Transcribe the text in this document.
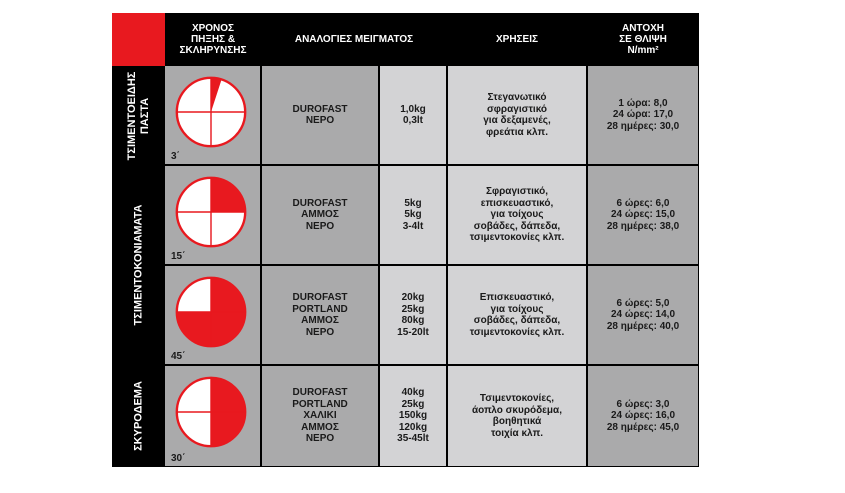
ΧΡΟΝΟΣ
ΠΗΞΗΣ &
ΣΚΛΗΡΥΝΣΗΣ
ΑΝΑΛΟΓΙΕΣ ΜΕΙΓΜΑΤΟΣ	ΧΡΗΣΕΙΣ
ΑΝΤΟΧΗ
ΣΕ ΘΛΙΨΗ
N/mm²
ΤΣΙΜΕΝΤΟΕΙΔΗΣ
ΠΑΣΤΑ
ΤΣΙΜΕΝΤΟΚΟΝΙΑΜΑΤΑ
ΣΚΥΡΟΔΕΜΑ
3΄
DUROFAST
ΝΕΡΟ
1,0kg
0,3lt
Στεγανωτικό
σφραγιστικό
για δεξαμενές,
φρεάτια κλπ.
1 ώρα: 8,0
24 ώρα: 17,0
28 ημέρες: 30,0
15΄
DUROFAST
ΑΜΜΟΣ
ΝΕΡΟ
5kg
5kg
3-4lt
Σφραγιστικό,
επισκευαστικό,
για τοίχους
σοβάδες, δάπεδα,
τσιμεντοκονίες κλπ.
6 ώρες: 6,0
24 ώρες: 15,0
28 ημέρες: 38,0
45΄
DUROFAST
PORTLAND
ΑΜΜΟΣ
ΝΕΡΟ
20kg
25kg
80kg
15-20lt
Επισκευαστικό,
για τοίχους
σοβάδες, δάπεδα,
τσιμεντοκονίες κλπ.
6 ώρες: 5,0
24 ώρες: 14,0
28 ημέρες: 40,0
30΄
DUROFAST
PORTLAND
ΧΑΛΙΚΙ
ΑΜΜΟΣ
ΝΕΡΟ
40kg
25kg
150kg
120kg
35-45lt
Τσιμεντοκονίες,
άοπλο σκυρόδεμα,
βοηθητικά
τοιχία κλπ.
6 ώρες: 3,0
24 ώρες: 16,0
28 ημέρες: 45,0
